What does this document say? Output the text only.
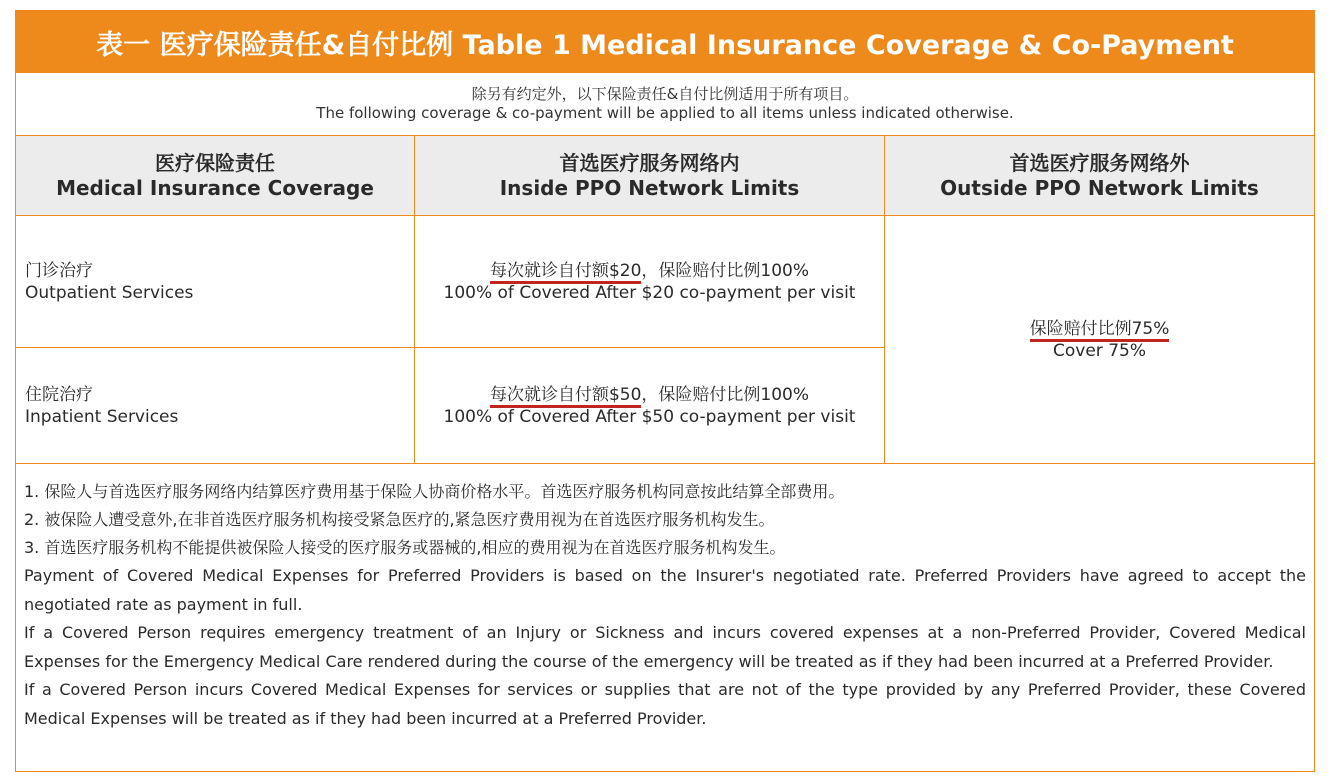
表一 医疗保险责任&自付比例 Table 1 Medical Insurance Coverage & Co-Payment
除另有约定外，以下保险责任&自付比例适用于所有项目。
The following coverage & co-payment will be applied to all items unless indicated otherwise.
医疗保险责任
Medical Insurance Coverage
首选医疗服务网络内
Inside PPO Network Limits
首选医疗服务网络外
Outside PPO Network Limits
门诊治疗
Outpatient Services
每次就诊自付额$20，保险赔付比例100%
100% of Covered After $20 co-payment per visit
住院治疗
Inpatient Services
每次就诊自付额$50，保险赔付比例100%
100% of Covered After $50 co-payment per visit
保险赔付比例75%
Cover 75%
1. 保险人与首选医疗服务网络内结算医疗费用基于保险人协商价格水平。首选医疗服务机构同意按此结算全部费用。
2. 被保险人遭受意外,在非首选医疗服务机构接受紧急医疗的,紧急医疗费用视为在首选医疗服务机构发生。
3. 首选医疗服务机构不能提供被保险人接受的医疗服务或器械的,相应的费用视为在首选医疗服务机构发生。
Payment of Covered Medical Expenses for Preferred Providers is based on the Insurer's negotiated rate. Preferred Providers have agreed to accept the negotiated rate as payment in full.
If a Covered Person requires emergency treatment of an Injury or Sickness and incurs covered expenses at a non-Preferred Provider, Covered Medical Expenses for the Emergency Medical Care rendered during the course of the emergency will be treated as if they had been incurred at a Preferred Provider.
If a Covered Person incurs Covered Medical Expenses for services or supplies that are not of the type provided by any Preferred Provider, these Covered Medical Expenses will be treated as if they had been incurred at a Preferred Provider.
